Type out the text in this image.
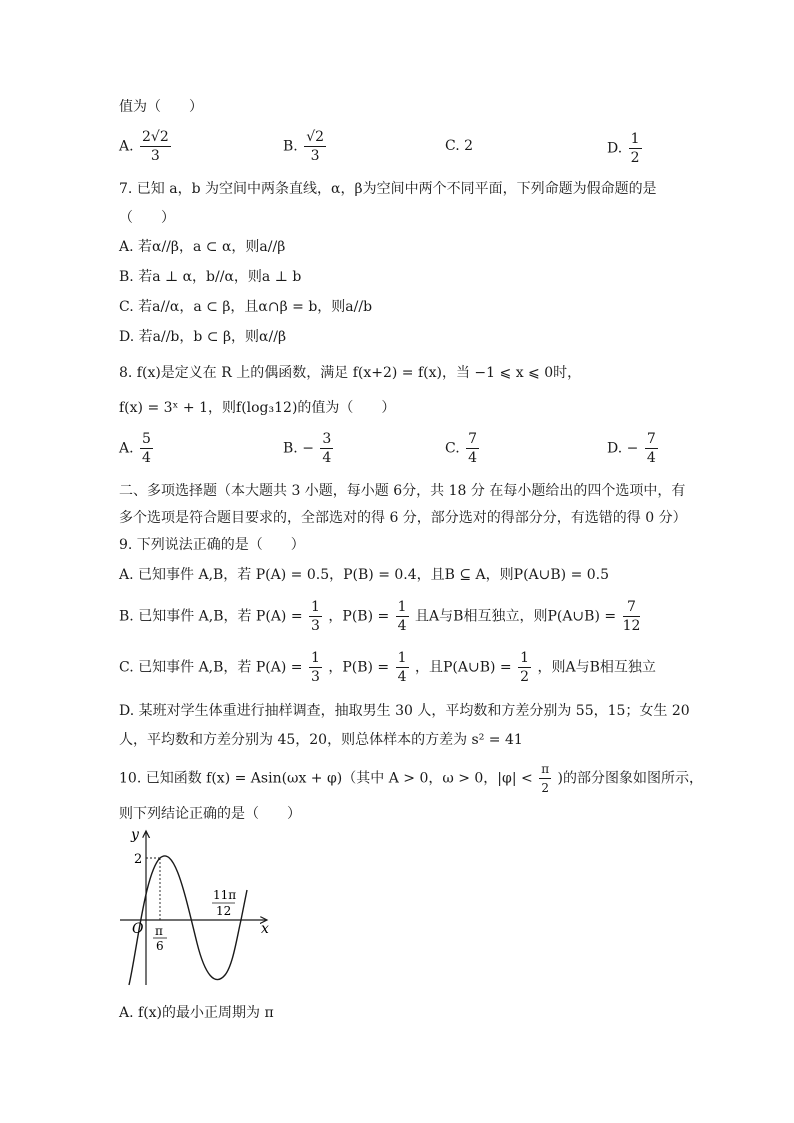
值为（　　）
A. $\frac{2√2}{3}$	B. $\frac{√2}{3}$	C. 2	D. $\frac{1}{2}$
7. 已知 a，b 为空间中两条直线，α，β为空间中两个不同平面，下列命题为假命题的是
（　　）
A. 若α//β，a ⊂ α，则a//β
B. 若a ⊥ α，b//α，则a ⊥ b
C. 若a//α，a ⊂ β，且α∩β = b，则a//b
D. 若a//b，b ⊂ β，则α//β
8. f(x)是定义在 R 上的偶函数，满足 f(x+2) = f(x)，当 −1 ⩽ x ⩽ 0时，
f(x) = 3ˣ + 1，则f(log₃12)的值为（　　）
A. $\frac{5}{4}$	B. − $\frac{3}{4}$	C. $\frac{7}{4}$	D. − $\frac{7}{4}$
二、多项选择题（本大题共 3 小题，每小题 6分，共 18 分 在每小题给出的四个选项中，有
多个选项是符合题目要求的，全部选对的得 6 分，部分选对的得部分分，有选错的得 0 分）
9. 下列说法正确的是（　　）
A. 已知事件 A,B，若 P(A) = 0.5，P(B) = 0.4，且B ⊆ A，则P(A∪B) = 0.5
B. 已知事件 A,B，若 $P(A) = \frac{1}{3}$ ，$P(B) = \frac{1}{4}$ 且A与B相互独立，则P(A∪B) = $\frac{7}{12}$
C. 已知事件 A,B，若 $P(A) = \frac{1}{3}$ ，$P(B) = \frac{1}{4}$ ，且P(A∪B) = $\frac{1}{2}$ ，则A与B相互独立
D. 某班对学生体重进行抽样调查，抽取男生 30 人，平均数和方差分别为 55，15；女生 20
人，平均数和方差分别为 45，20，则总体样本的方差为 s² = 41
10. 已知函数 f(x) = Asin(ωx + φ)（其中 A > 0，ω > 0，$|\varphi| < \frac{\pi}{2}$ )的部分图象如图所示，
则下列结论正确的是（　　）
y
x
O
2
π
6
11π
12
A. f(x)的最小正周期为 π
